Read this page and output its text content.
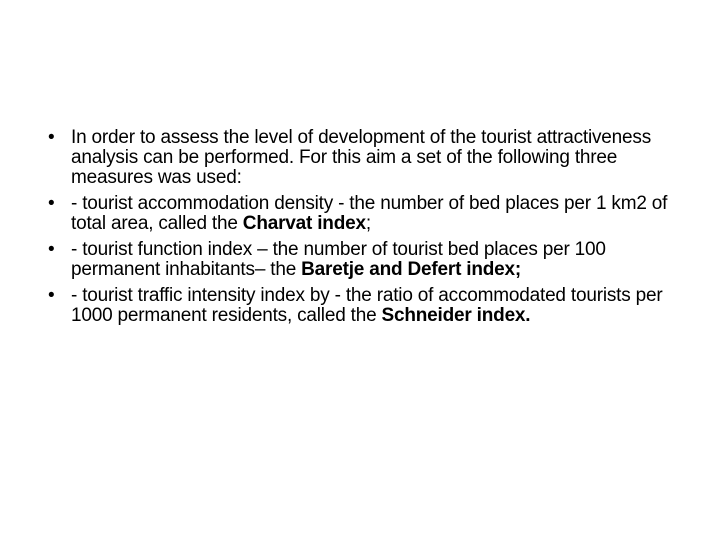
• In order to assess the level of development of the tourist attractiveness analysis can be performed. For this aim a set of the following three measures was used:
• - tourist accommodation density - the number of bed places per 1 km2 of total area, called the Charvat index;
• - tourist function index – the number of tourist bed places per 100 permanent inhabitants– the Baretje and Defert index;
• - tourist traffic intensity index by - the ratio of accommodated tourists per 1000 permanent residents, called the Schneider index.
